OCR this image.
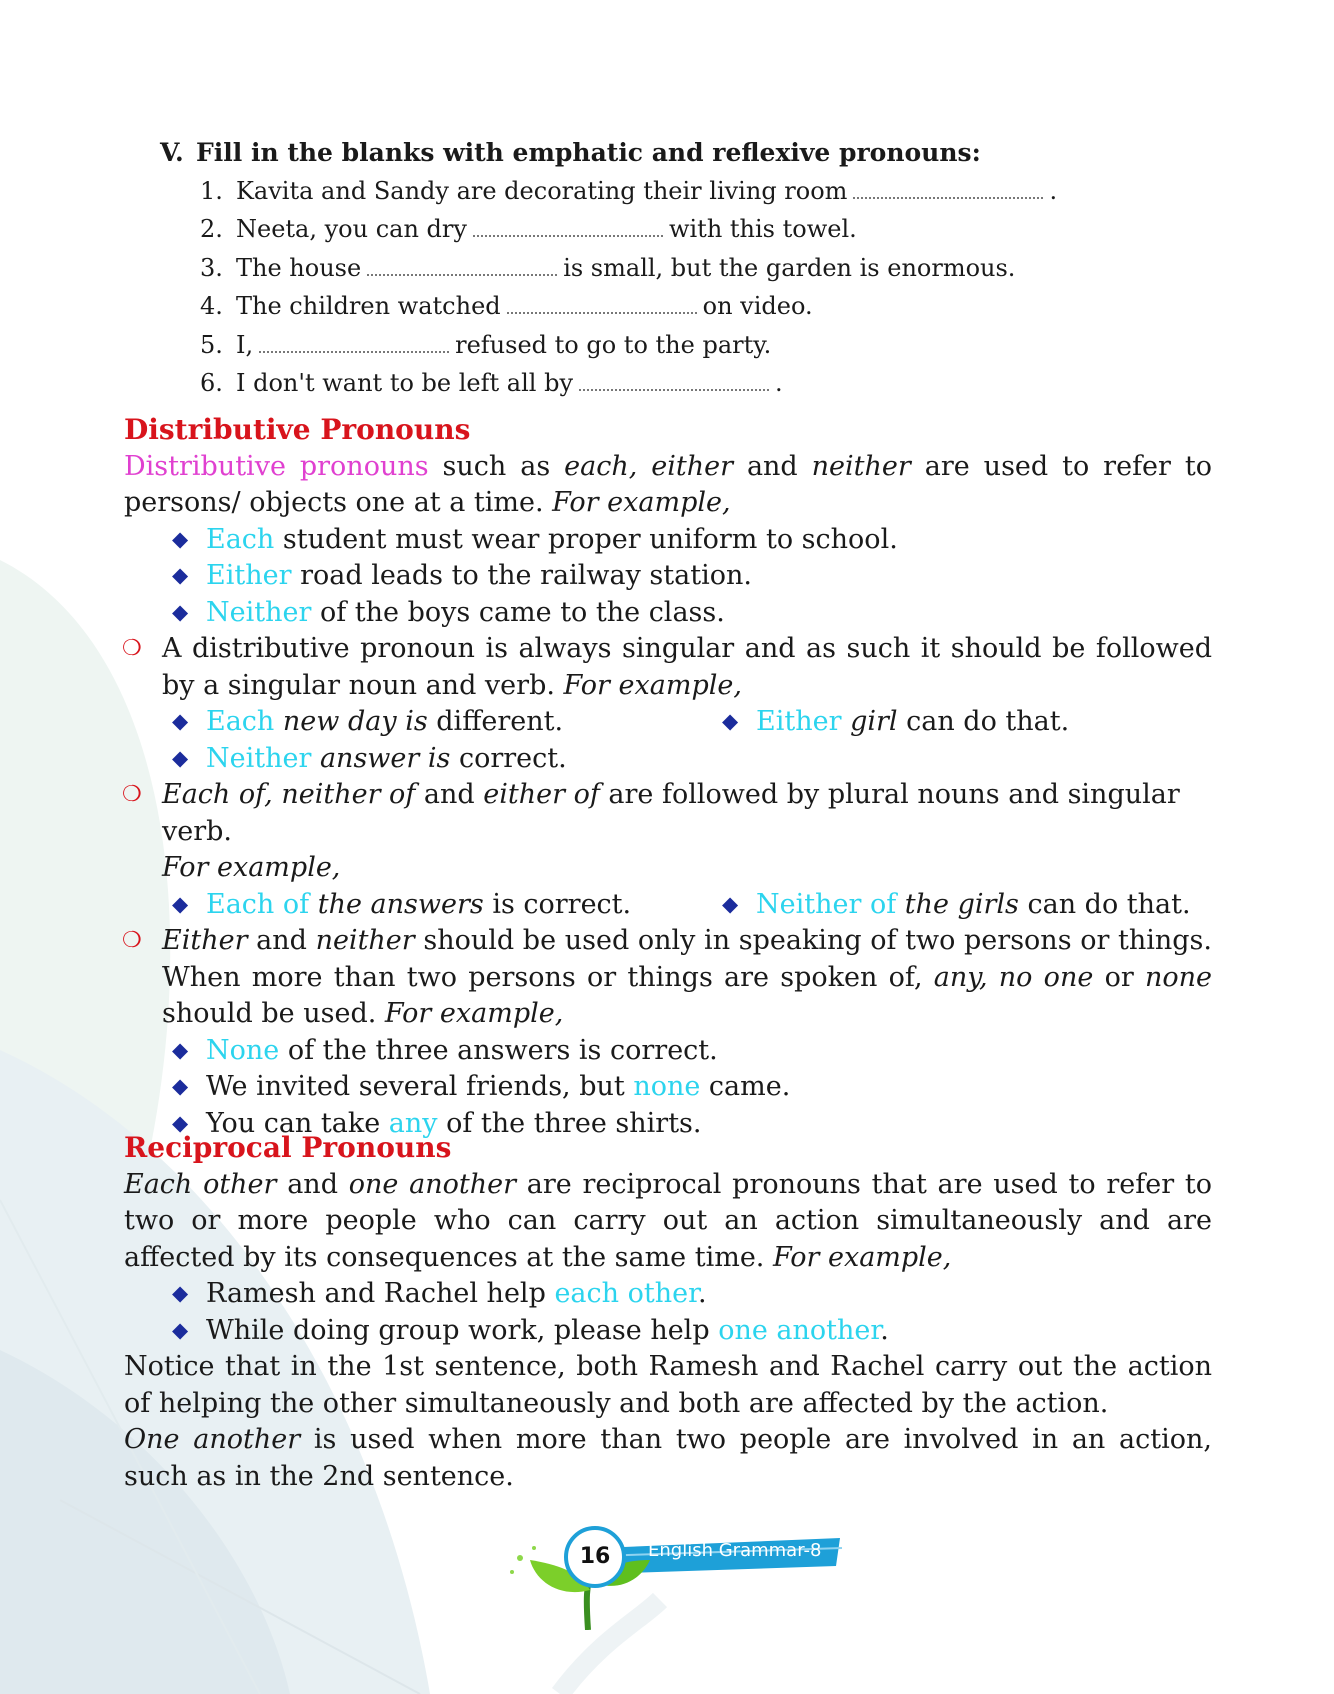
V. Fill in the blanks with emphatic and reflexive pronouns:
1. Kavita and Sandy are decorating their living room	.
2. Neeta, you can dry	with this towel.
3. The house	is small, but the garden is enormous.
4. The children watched	on video.
5. I,	refused to go to the party.
6. I don't want to be left all by	.
Distributive Pronouns
Distributive pronouns such as each, either and neither are used to refer to persons/ objects one at a time. For example,
◆ Each student must wear proper uniform to school.
◆ Either road leads to the railway station.
◆ Neither of the boys came to the class.
❍ A distributive pronoun is always singular and as such it should be followed by a singular noun and verb. For example,
◆ Each new day is different.	◆ Either girl can do that.
◆ Neither answer is correct.
❍ Each of, neither of and either of are followed by plural nouns and singular verb.
For example,
◆ Each of the answers is correct.	◆ Neither of the girls can do that.
❍ Either and neither should be used only in speaking of two persons or things. When more than two persons or things are spoken of, any, no one or none should be used. For example,
◆ None of the three answers is correct.
◆ We invited several friends, but none came.
◆ You can take any of the three shirts.
Reciprocal Pronouns
Each other and one another are reciprocal pronouns that are used to refer to two or more people who can carry out an action simultaneously and are affected by its consequences at the same time. For example,
◆ Ramesh and Rachel help each other.
◆ While doing group work, please help one another.
Notice that in the 1st sentence, both Ramesh and Rachel carry out the action of helping the other simultaneously and both are affected by the action.
One another is used when more than two people are involved in an action, such as in the 2nd sentence.
16	English Grammar-8
